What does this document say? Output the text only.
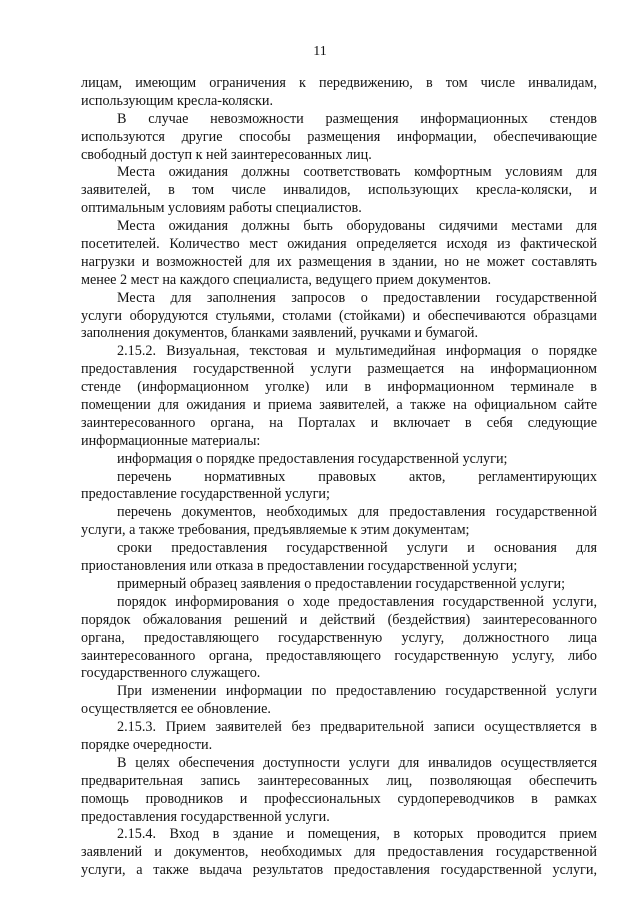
11
лицам, имеющим ограничения к передвижению, в том числе инвалидам,
использующим кресла-коляски.
В случае невозможности размещения информационных стендов
используются другие способы размещения информации, обеспечивающие
свободный доступ к ней заинтересованных лиц.
Места ожидания должны соответствовать комфортным условиям для
заявителей, в том числе инвалидов, использующих кресла-коляски, и
оптимальным условиям работы специалистов.
Места ожидания должны быть оборудованы сидячими местами для
посетителей. Количество мест ожидания определяется исходя из фактической
нагрузки и возможностей для их размещения в здании, но не может составлять
менее 2 мест на каждого специалиста, ведущего прием документов.
Места для заполнения запросов о предоставлении государственной
услуги оборудуются стульями, столами (стойками) и обеспечиваются образцами
заполнения документов, бланками заявлений, ручками и бумагой.
2.15.2. Визуальная, текстовая и мультимедийная информация о порядке
предоставления государственной услуги размещается на информационном
стенде (информационном уголке) или в информационном терминале в
помещении для ожидания и приема заявителей, а также на официальном сайте
заинтересованного органа, на Порталах и включает в себя следующие
информационные материалы:
информация о порядке предоставления государственной услуги;
перечень нормативных правовых актов, регламентирующих
предоставление государственной услуги;
перечень документов, необходимых для предоставления государственной
услуги, а также требования, предъявляемые к этим документам;
сроки предоставления государственной услуги и основания для
приостановления или отказа в предоставлении государственной услуги;
примерный образец заявления о предоставлении государственной услуги;
порядок информирования о ходе предоставления государственной услуги,
порядок обжалования решений и действий (бездействия) заинтересованного
органа, предоставляющего государственную услугу, должностного лица
заинтересованного органа, предоставляющего государственную услугу, либо
государственного служащего.
При изменении информации по предоставлению государственной услуги
осуществляется ее обновление.
2.15.3. Прием заявителей без предварительной записи осуществляется в
порядке очередности.
В целях обеспечения доступности услуги для инвалидов осуществляется
предварительная запись заинтересованных лиц, позволяющая обеспечить
помощь проводников и профессиональных сурдопереводчиков в рамках
предоставления государственной услуги.
2.15.4. Вход в здание и помещения, в которых проводится прием
заявлений и документов, необходимых для предоставления государственной
услуги, а также выдача результатов предоставления государственной услуги,
